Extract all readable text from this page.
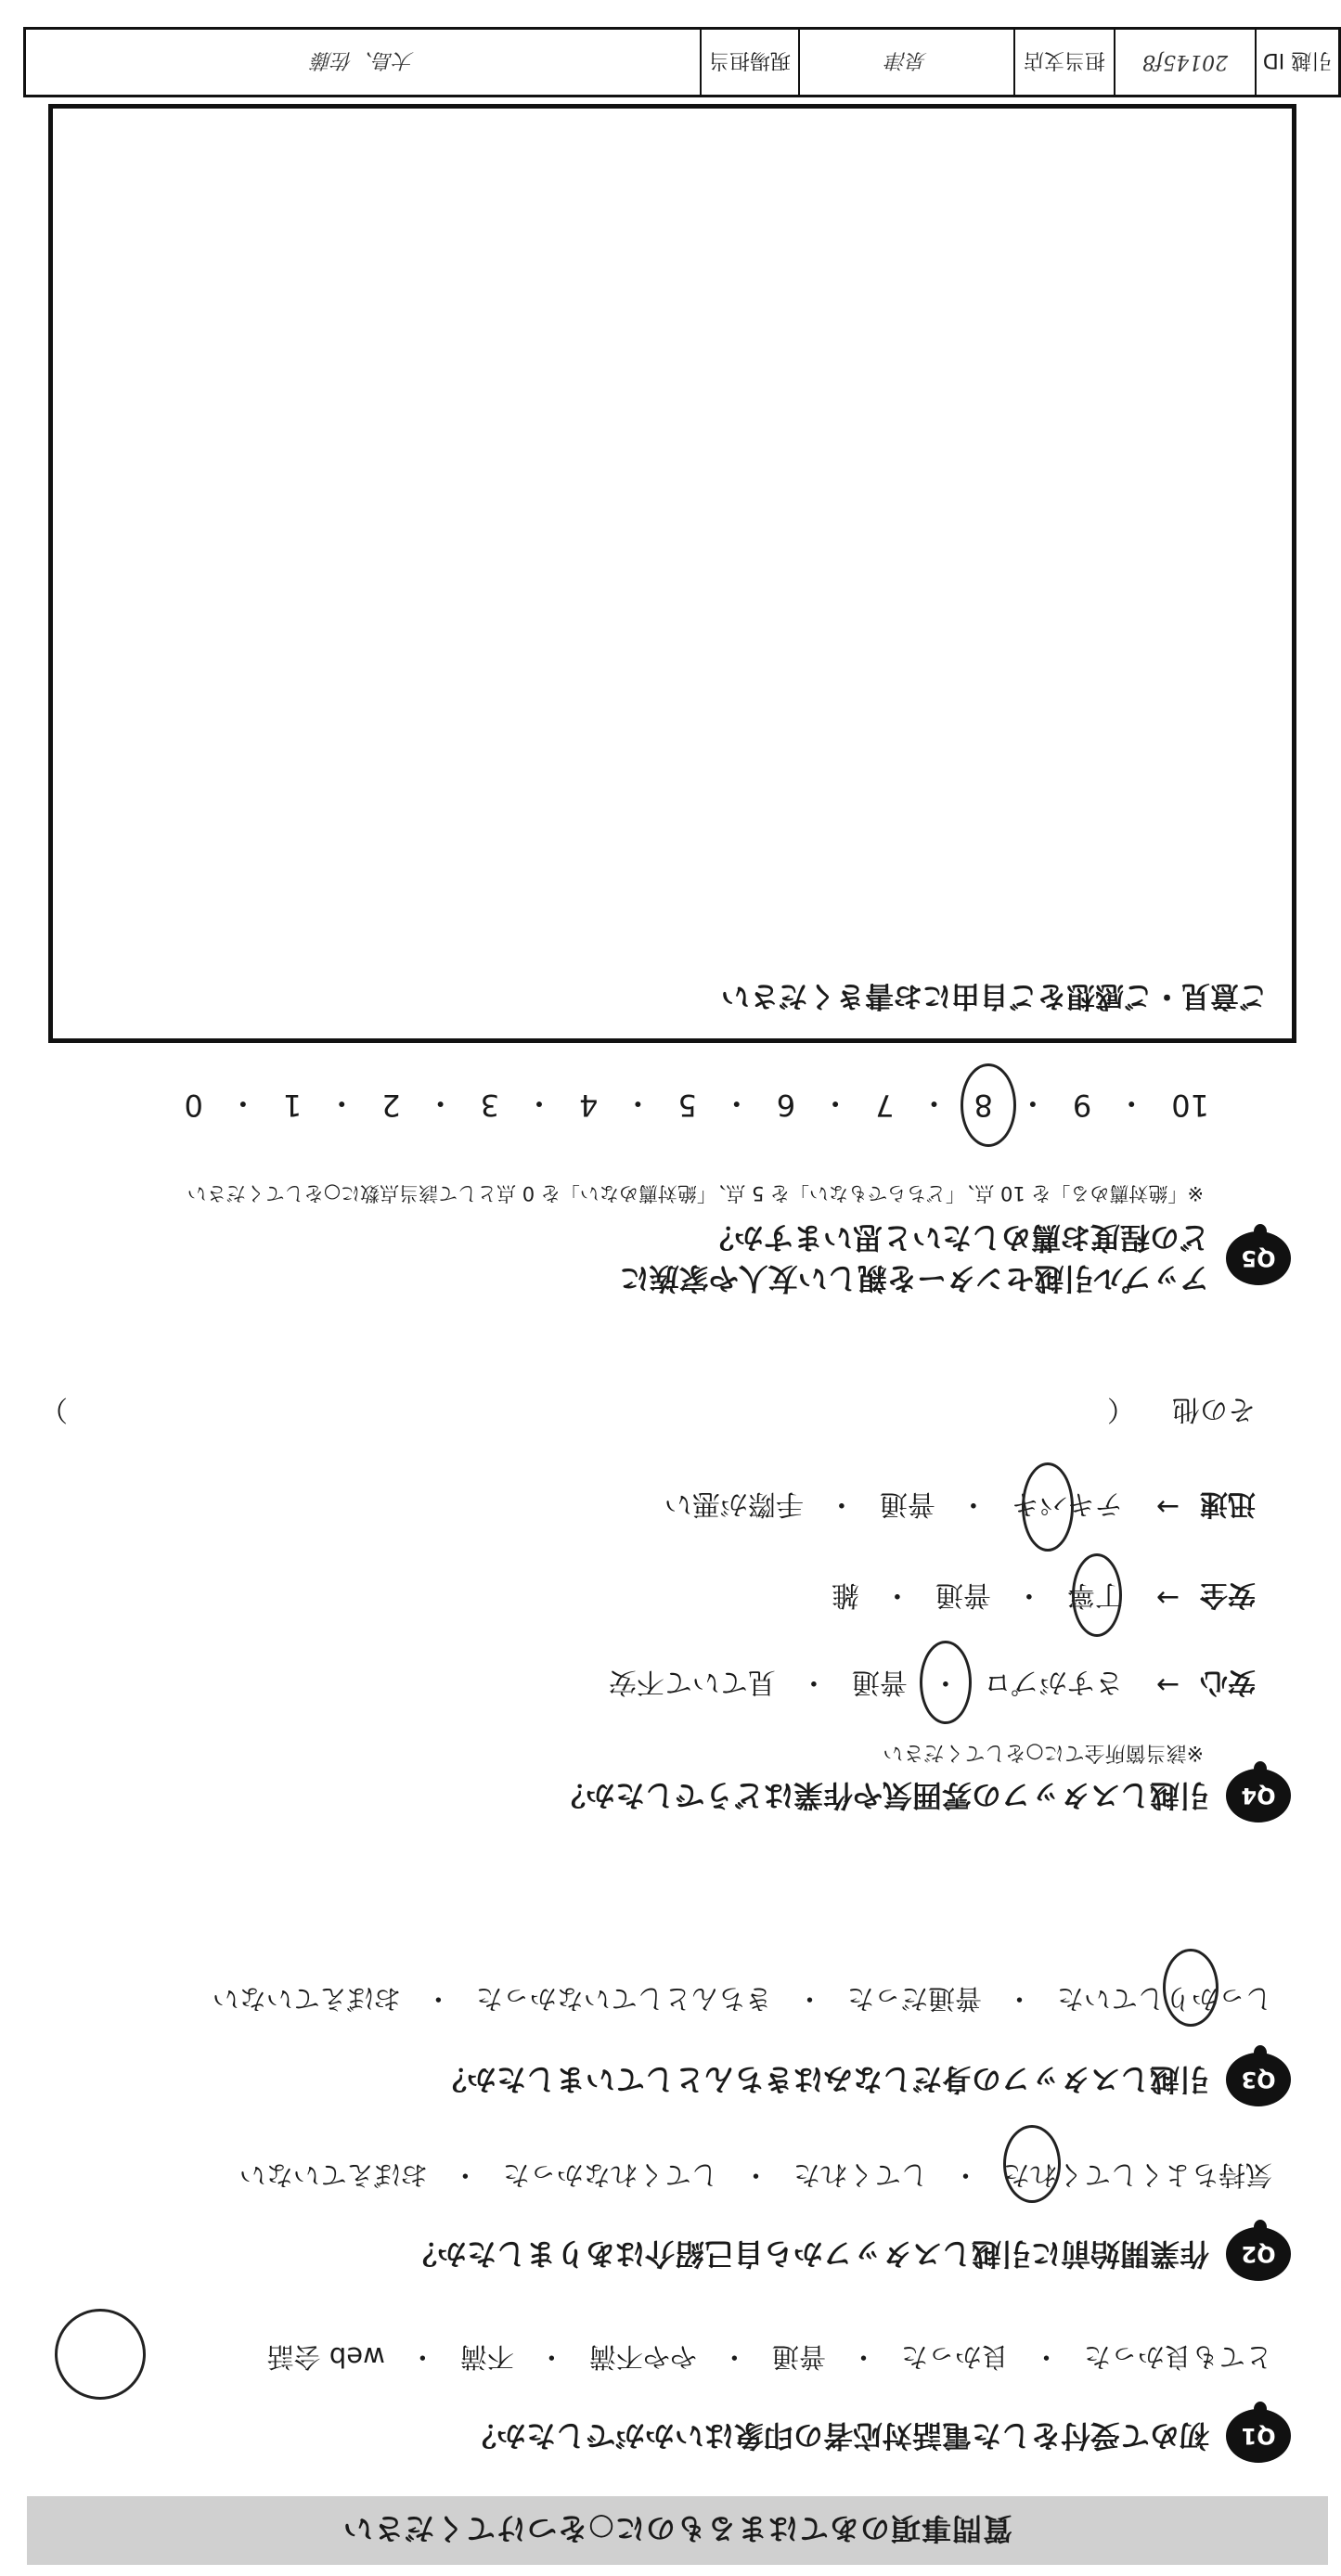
質問事項のあてはまるものに○をつけてください
Q1
初めて受付をした電話対応者の印象はいかがでしたか？
とても良かった
・
良かった
・
普通
・
やや不満
・
不満
・
web 会話
Q2
作業開始前に引越しスタッフから自己紹介はありましたか？
気持ちよくしてくれた
・
してくれた
・
してくれなかった
・
おぼえていない
Q3
引越しスタッフの身だしなみはきちんとしていましたか？
しっかりしていた
・
普通だった
・
きちんとしていなかった
・
おぼえていない
Q4
引越しスタッフの雰囲気や作業はどうでしたか？
※該当箇所全てに○をしてください
安心
→
さすがプロ
・
普通
・
見ていて不安
安全
→
丁寧
・
普通
・
雑
迅速
→
テキパキ
・
普通
・
手際が悪い
その他
（
）
Q5
アップル引越センターを親しい友人や家族に
どの程度お薦めしたいと思いますか？
※「絶対薦める」を 10 点、「どちらでもない」を 5 点、「絶対薦めない」を 0 点として該当点数に○をしてください
10
・
9
・
8
・
7
・
6
・
5
・
4
・
3
・
2
・
1
・
0
ご意見・ご感想をご自由にお書きください
引越 ID
20145f8
担当支店
泉津
現場担当
大島、佐藤
